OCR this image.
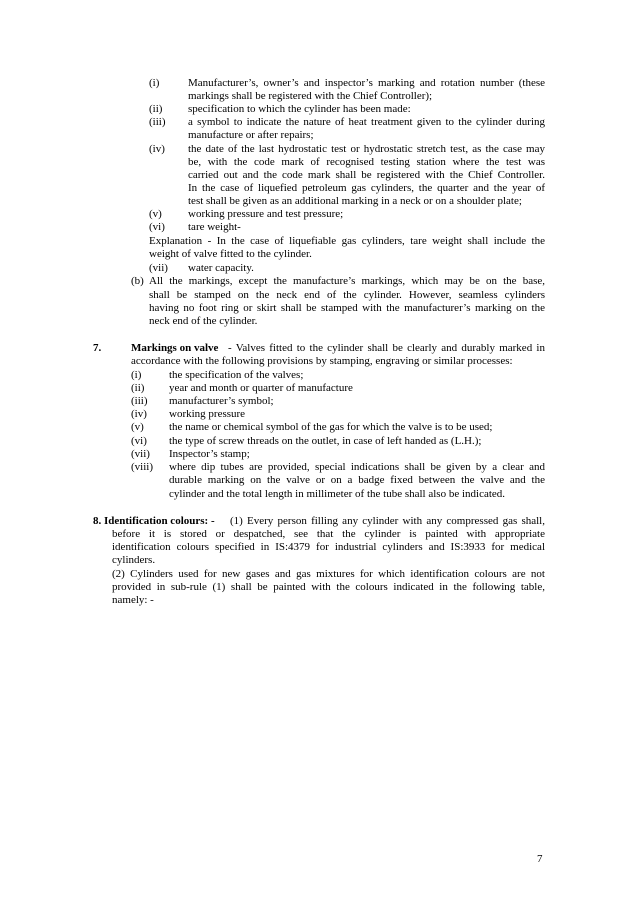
(i)	Manufacturer’s, owner’s and inspector’s marking and rotation number (these
markings shall be registered with the Chief Controller);
(ii) specification to which the cylinder has been made:
(iii) a symbol to indicate the nature of heat treatment given to the cylinder during
manufacture or after repairs;
(iv) the date of the last hydrostatic test or hydrostatic stretch test, as the case may
be, with the code mark of recognised testing station where the test was
carried out and the code mark shall be registered with the Chief Controller.
In the case of liquefied petroleum gas cylinders, the quarter and the year of
test shall be given as an additional marking in a neck or on a shoulder plate;
(v) working pressure and test pressure;
(vi) tare weight-
Explanation - In the case of liquefiable gas cylinders, tare weight shall include the
weight of valve fitted to the cylinder.
(vii) water capacity.
(b) All the markings, except the manufacture’s markings, which may be on the base,
shall be stamped on the neck end of the cylinder. However, seamless cylinders
having no foot ring or skirt shall be stamped with the manufacturer’s marking on the
neck end of the cylinder.
7.	Markings on valve - Valves fitted to the cylinder shall be clearly and durably marked in
accordance with the following provisions by stamping, engraving or similar processes:
(i)	the specification of the valves;
(ii) year and month or quarter of manufacture
(iii) manufacturer’s symbol;
(iv) working pressure
(v) the name or chemical symbol of the gas for which the valve is to be used;
(vi) the type of screw threads on the outlet, in case of left handed as (L.H.);
(vii) Inspector’s stamp;
(viii) where dip tubes are provided, special indications shall be given by a clear and
durable marking on the valve or on a badge fixed between the valve and the
cylinder and the total length in millimeter of the tube shall also be indicated.
8. Identification colours: - (1) Every person filling any cylinder with any compressed gas shall,
before it is stored or despatched, see that the cylinder is painted with appropriate
identification colours specified in IS:4379 for industrial cylinders and IS:3933 for medical
cylinders.
(2) Cylinders used for new gases and gas mixtures for which identification colours are not
provided in sub-rule (1) shall be painted with the colours indicated in the following table,
namely: -
7
